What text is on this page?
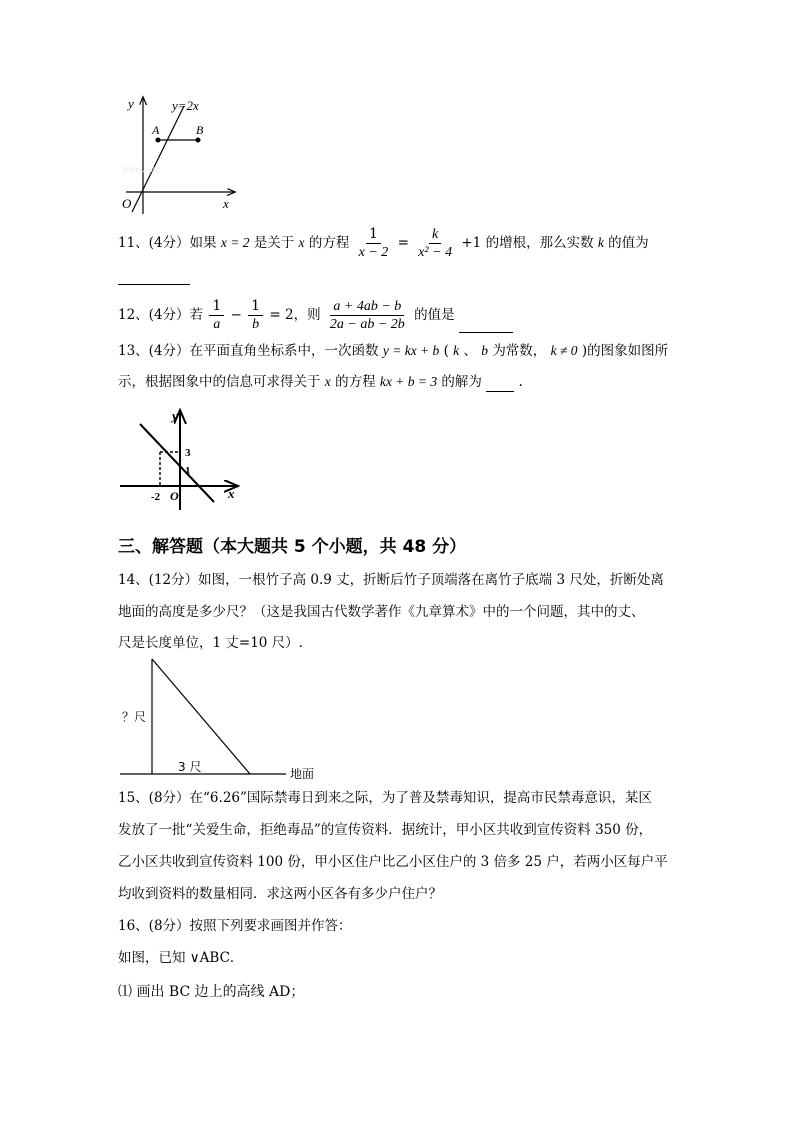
y
x
O
y=2x
A	B
jyeoo.com
11、(4分）如果 x = 2 是关于 x 的方程 $\frac{1}{x - 2} = \frac{k}{\text{x² − 4}} +1$ 的增根，那么实数 k 的值为
12、(4分）若 $\frac{1}{a} - \frac{1}{b} = 2$，则 $\frac{a + 4ab - b}{2a - ab - 2b}$ 的值是
13、(4分）在平面直角坐标系中，一次函数 y = kx + b ( k 、 b 为常数， k ≠ 0 )的图象如图所
示，根据图象中的信息可求得关于 x 的方程 kx + b = 3 的解为	.
y
x
O
3
1
-2
三、解答题（本大题共 5 个小题，共 48 分）
14、(12分）如图，一根竹子高 0.9 丈，折断后竹子顶端落在离竹子底端 3 尺处，折断处离
地面的高度是多少尺？（这是我国古代数学著作《九章算术》中的一个问题，其中的丈、
尺是长度单位，1 丈=10 尺）.
？尺
3 尺	地面
15、(8分）在“6.26”国际禁毒日到来之际，为了普及禁毒知识，提高市民禁毒意识，某区
发放了一批“关爱生命，拒绝毒品”的宣传资料．据统计，甲小区共收到宣传资料 350 份，
乙小区共收到宣传资料 100 份，甲小区住户比乙小区住户的 3 倍多 25 户，若两小区每户平
均收到资料的数量相同．求这两小区各有多少户住户？
16、(8分）按照下列要求画图并作答：
如图，已知 ∨ABC．
⑴ 画出 BC 边上的高线 AD；
